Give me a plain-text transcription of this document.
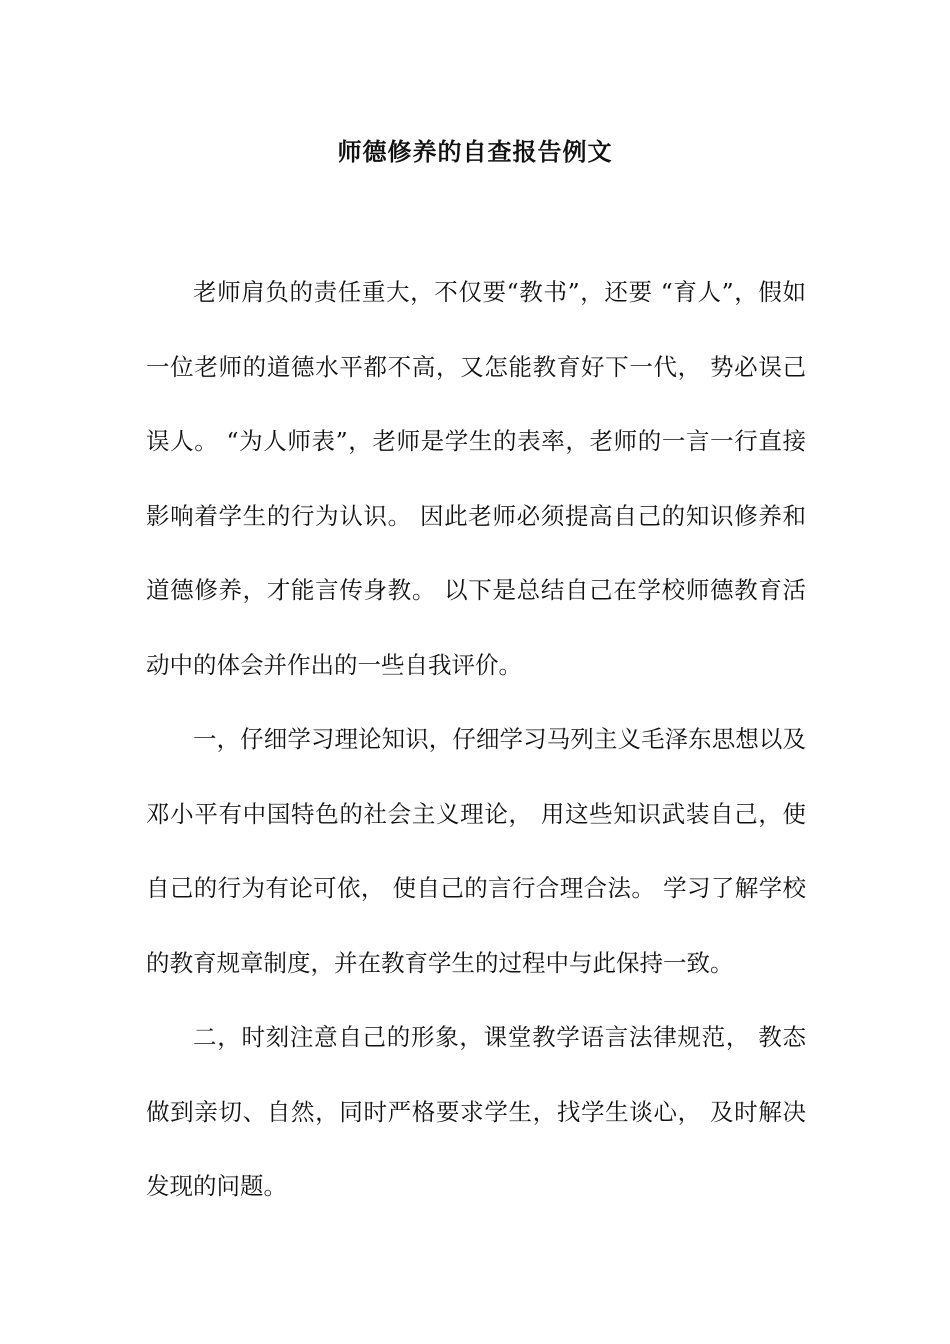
师德修养的自查报告例文

老师肩负的责任重大，不仅要“教书”，还要 “育人”，假如一位老师的道德水平都不高，又怎能教育好下一代， 势必误己误人。 “为人师表”，老师是学生的表率，老师的一言一行直接影响着学生的行为认识。 因此老师必须提高自己的知识修养和道德修养，才能言传身教。 以下是总结自己在学校师德教育活动中的体会并作出的一些自我评价。

一，仔细学习理论知识，仔细学习马列主义毛泽东思想以及邓小平有中国特色的社会主义理论， 用这些知识武装自己，使自己的行为有论可依， 使自己的言行合理合法。 学习了解学校的教育规章制度，并在教育学生的过程中与此保持一致。

二，时刻注意自己的形象，课堂教学语言法律规范， 教态做到亲切、自然，同时严格要求学生，找学生谈心， 及时解决发现的问题。
